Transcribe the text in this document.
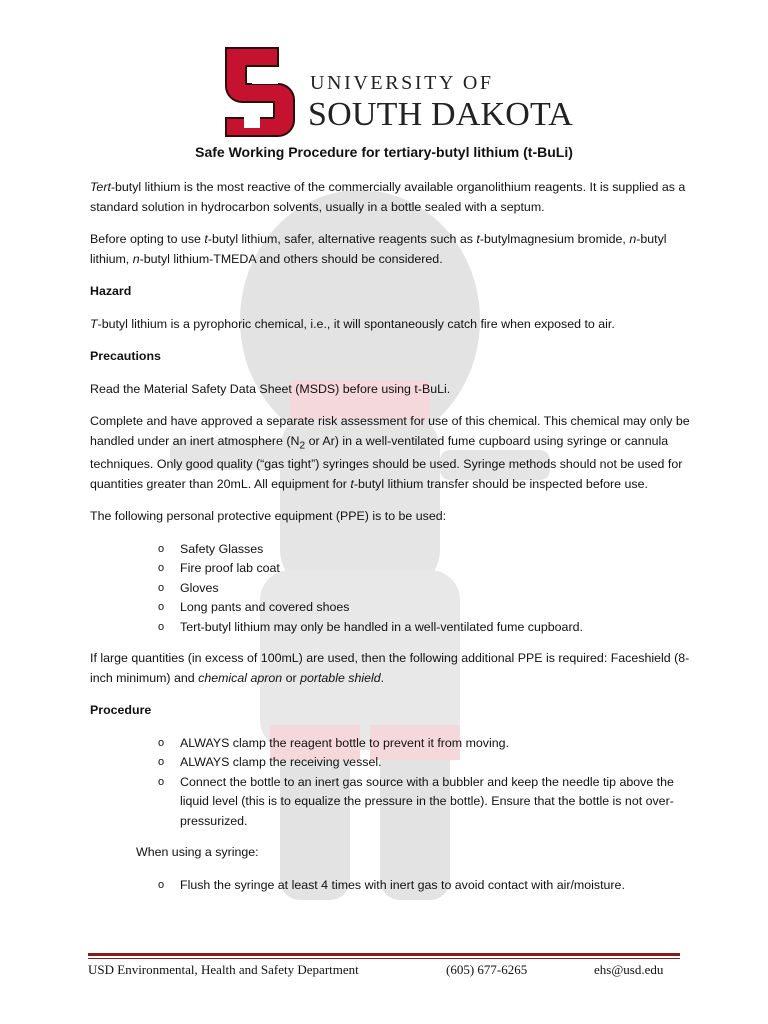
UNIVERSITY OF
SOUTH DAKOTA
Safe Working Procedure for tertiary-butyl lithium (t-BuLi)

Tert-butyl lithium is the most reactive of the commercially available organolithium reagents. It is supplied as a standard solution in hydrocarbon solvents, usually in a bottle sealed with a septum.

Before opting to use t-butyl lithium, safer, alternative reagents such as t-butylmagnesium bromide, n-butyl lithium, n-butyl lithium-TMEDA and others should be considered.

Hazard

T-butyl lithium is a pyrophoric chemical, i.e., it will spontaneously catch fire when exposed to air.

Precautions

Read the Material Safety Data Sheet (MSDS) before using t-BuLi.

Complete and have approved a separate risk assessment for use of this chemical. This chemical may only be handled under an inert atmosphere ($N_2$ or Ar) in a well-ventilated fume cupboard using syringe or cannula techniques. Only good quality (“gas tight”) syringes should be used. Syringe methods should not be used for quantities greater than 20mL. All equipment for t-butyl lithium transfer should be inspected before use.

The following personal protective equipment (PPE) is to be used:

o Safety Glasses
o Fire proof lab coat
o Gloves
o Long pants and covered shoes
o Tert-butyl lithium may only be handled in a well-ventilated fume cupboard.

If large quantities (in excess of 100mL) are used, then the following additional PPE is required: Faceshield (8-inch minimum) and chemical apron or portable shield.

Procedure

o ALWAYS clamp the reagent bottle to prevent it from moving.
o ALWAYS clamp the receiving vessel.
o Connect the bottle to an inert gas source with a bubbler and keep the needle tip above the liquid level (this is to equalize the pressure in the bottle). Ensure that the bottle is not over-pressurized.

When using a syringe:

o Flush the syringe at least 4 times with inert gas to avoid contact with air/moisture.
USD Environmental, Health and Safety Department	(605) 677-6265	ehs@usd.edu
